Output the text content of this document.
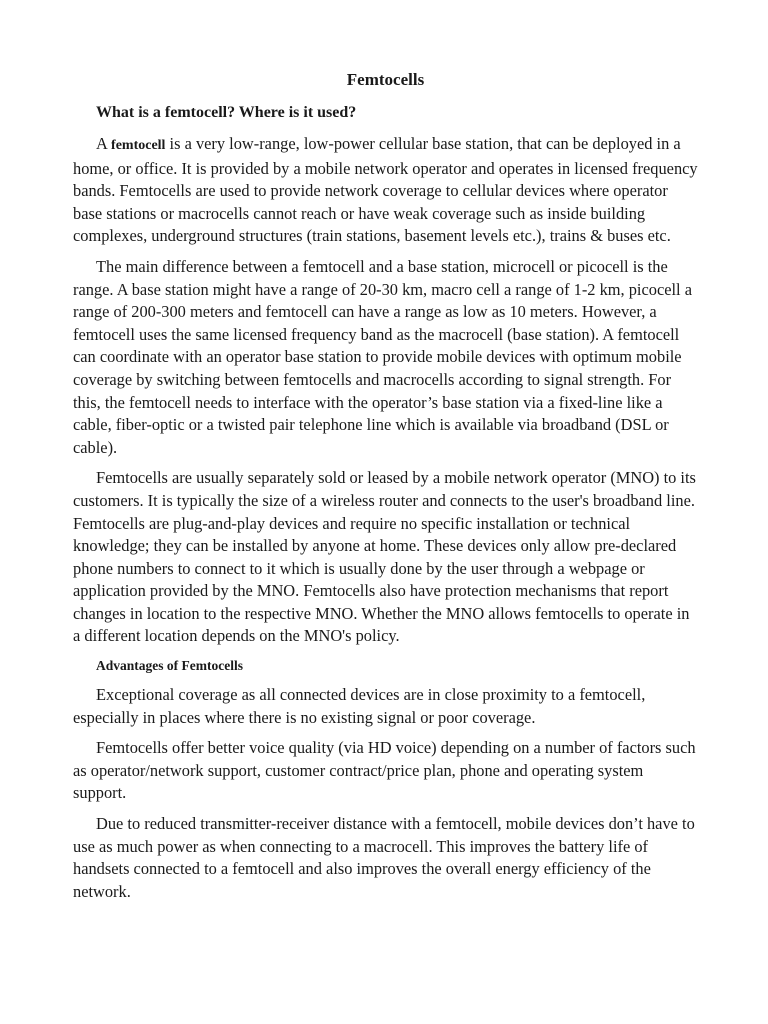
Femtocells
What is a femtocell? Where is it used?

A femtocell is a very low-range, low-power cellular base station, that can be deployed in a home, or office. It is provided by a mobile network operator and operates in licensed frequency bands. Femtocells are used to provide network coverage to cellular devices where operator base stations or macrocells cannot reach or have weak coverage such as inside building complexes, underground structures (train stations, basement levels etc.), trains & buses etc.

The main difference between a femtocell and a base station, microcell or picocell is the range. A base station might have a range of 20-30 km, macro cell a range of 1-2 km, picocell a range of 200-300 meters and femtocell can have a range as low as 10 meters. However, a femtocell uses the same licensed frequency band as the macrocell (base station). A femtocell can coordinate with an operator base station to provide mobile devices with optimum mobile coverage by switching between femtocells and macrocells according to signal strength. For this, the femtocell needs to interface with the operator’s base station via a fixed-line like a cable, fiber-optic or a twisted pair telephone line which is available via broadband (DSL or cable).

Femtocells are usually separately sold or leased by a mobile network operator (MNO) to its customers. It is typically the size of a wireless router and connects to the user's broadband line. Femtocells are plug-and-play devices and require no specific installation or technical knowledge; they can be installed by anyone at home. These devices only allow pre-declared phone numbers to connect to it which is usually done by the user through a webpage or application provided by the MNO. Femtocells also have protection mechanisms that report changes in location to the respective MNO. Whether the MNO allows femtocells to operate in a different location depends on the MNO's policy.

Advantages of Femtocells

Exceptional coverage as all connected devices are in close proximity to a femtocell, especially in places where there is no existing signal or poor coverage.

Femtocells offer better voice quality (via HD voice) depending on a number of factors such as operator/network support, customer contract/price plan, phone and operating system support.

Due to reduced transmitter-receiver distance with a femtocell, mobile devices don’t have to use as much power as when connecting to a macrocell. This improves the battery life of handsets connected to a femtocell and also improves the overall energy efficiency of the network.
